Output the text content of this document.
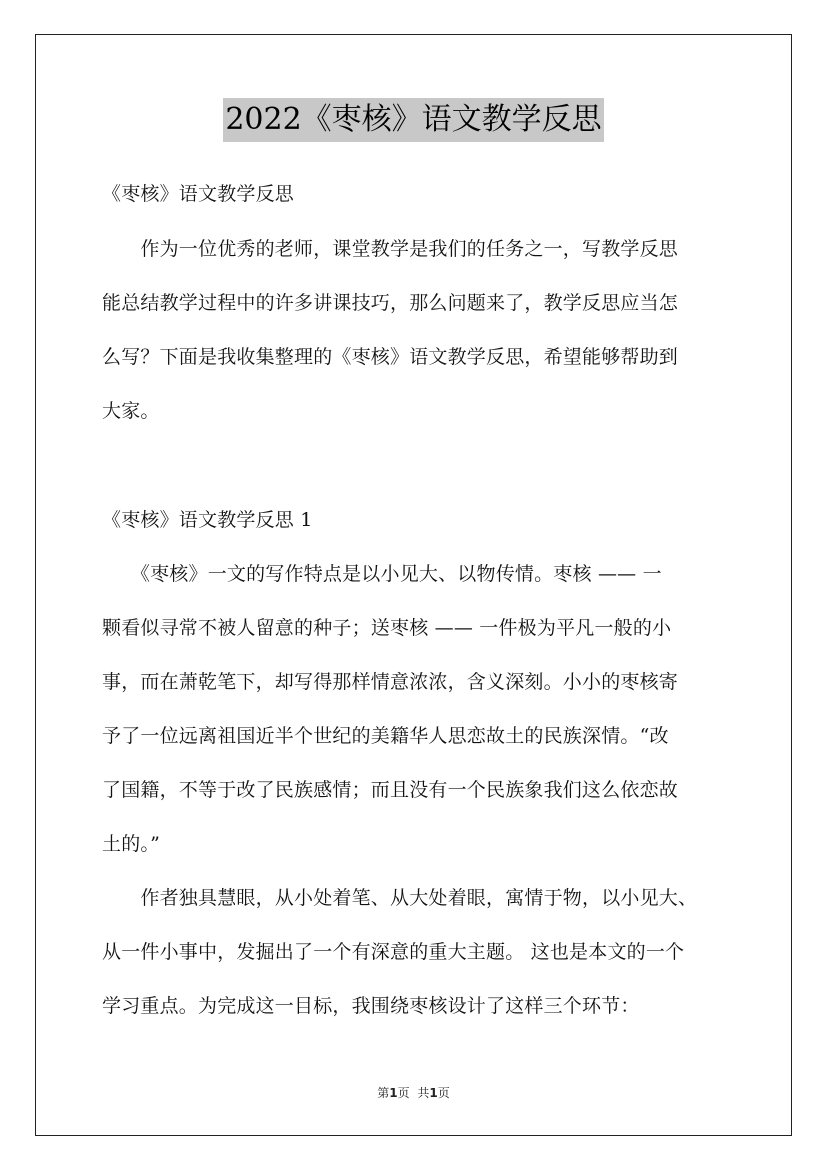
2022《枣核》语文教学反思
《枣核》语文教学反思
　　作为一位优秀的老师，课堂教学是我们的任务之一，写教学反思
能总结教学过程中的许多讲课技巧，那么问题来了，教学反思应当怎
么写？下面是我收集整理的《枣核》语文教学反思，希望能够帮助到
大家。
《枣核》语文教学反思 1
　　《枣核》一文的写作特点是以小见大、以物传情。枣核 —— 一
颗看似寻常不被人留意的种子；送枣核 —— 一件极为平凡一般的小
事，而在萧乾笔下，却写得那样情意浓浓，含义深刻。小小的枣核寄
予了一位远离祖国近半个世纪的美籍华人思恋故土的民族深情。“改
了国籍，不等于改了民族感情；而且没有一个民族象我们这么依恋故
土的。”
　　作者独具慧眼，从小处着笔、从大处着眼，寓情于物，以小见大、
从一件小事中，发掘出了一个有深意的重大主题。 这也是本文的一个
学习重点。为完成这一目标，我围绕枣核设计了这样三个环节：
第1页 共1页
